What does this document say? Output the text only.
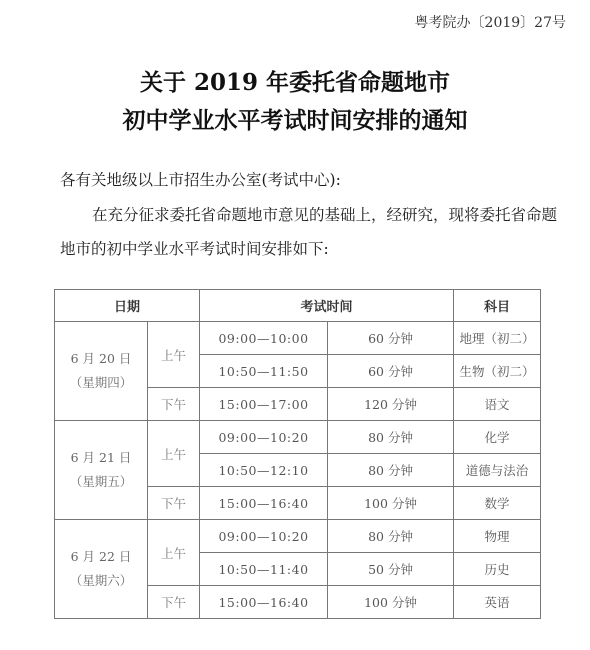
粤考院办〔2019〕27号
关于 2019 年委托省命题地市
初中学业水平考试时间安排的通知
各有关地级以上市招生办公室(考试中心):
在充分征求委托省命题地市意见的基础上，经研究，现将委托省命题地市的初中学业水平考试时间安排如下:
日期		考试时间		科目

6 月 20 日
（星期四）	上午	09:00—10:00	60 分钟	地理（初二）
		10:50—11:50	60 分钟	生物（初二）
	下午	15:00—17:00	120 分钟	语文

6 月 21 日
（星期五）	上午	09:00—10:20	80 分钟	化学
		10:50—12:10	80 分钟	道德与法治
	下午	15:00—16:40	100 分钟	数学

6 月 22 日
（星期六）	上午	09:00—10:20	80 分钟	物理
		10:50—11:40	50 分钟	历史
	下午	15:00—16:40	100 分钟	英语
